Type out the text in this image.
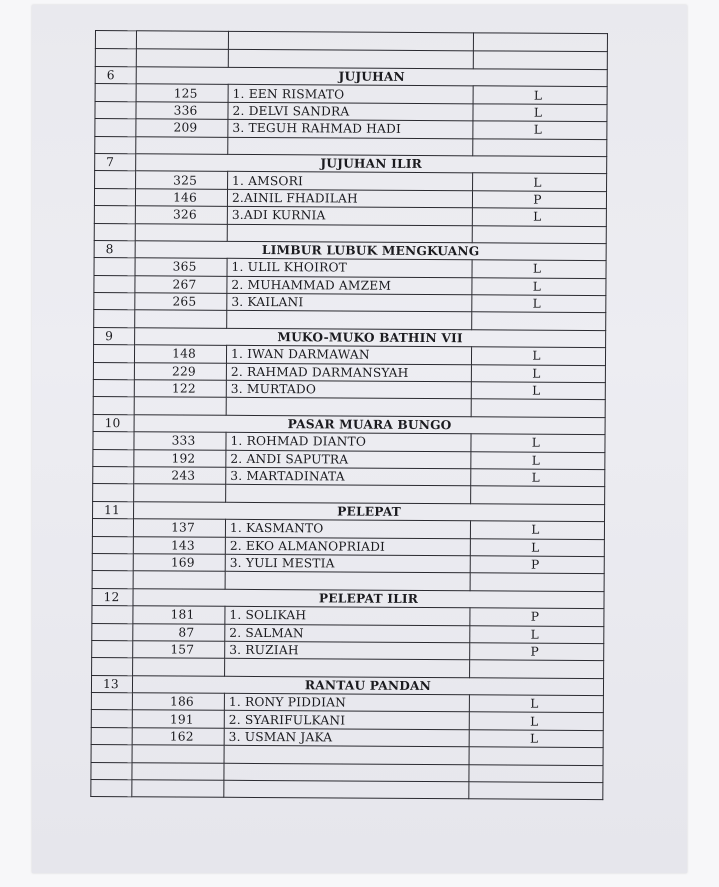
6	JUJUHAN		
	125	1. EEN RISMATO	L
	336	2. DELVI SANDRA	L
	209	3. TEGUH RAHMAD HADI	L

7	JUJUHAN ILIR		
	325	1. AMSORI	L
	146	2.AINIL FHADILAH	P
	326	3.ADI KURNIA	L

8	LIMBUR LUBUK MENGKUANG		
	365	1. ULIL KHOIROT	L
	267	2. MUHAMMAD AMZEM	L
	265	3. KAILANI	L

9	MUKO-MUKO BATHIN VII		
	148	1. IWAN DARMAWAN	L
	229	2. RAHMAD DARMANSYAH	L
	122	3. MURTADO	L

10	PASAR MUARA BUNGO		
	333	1. ROHMAD DIANTO	L
	192	2. ANDI SAPUTRA	L
	243	3. MARTADINATA	L

11	PELEPAT		
	137	1. KASMANTO	L
	143	2. EKO ALMANOPRIADI	L
	169	3. YULI MESTIA	P

12	PELEPAT ILIR		
	181	1. SOLIKAH	P
	87	2. SALMAN	L
	157	3. RUZIAH	P

13	RANTAU PANDAN		
	186	1. RONY PIDDIAN	L
	191	2. SYARIFULKANI	L
	162	3. USMAN JAKA	L
